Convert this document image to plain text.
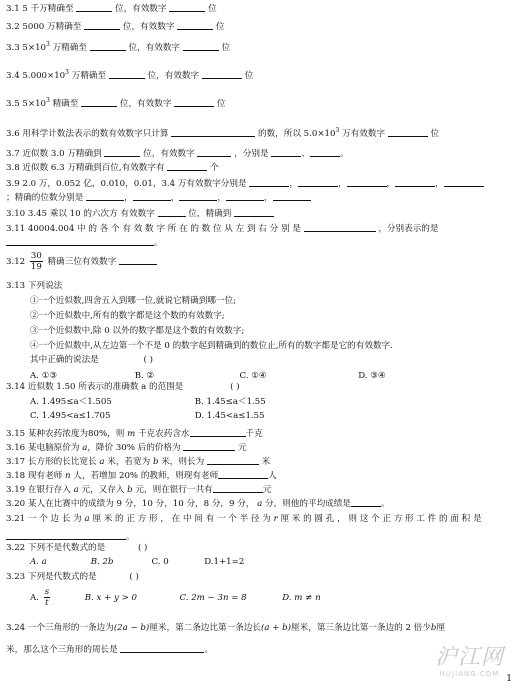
3.1 5 千万精确至	位，有效数字	位
3.2 5000 万精确至	位，有效数字	位
3.3 $5\times 10^3$ 万精确至	位，有效数字	位
3.4 $5.000\times 10^3$ 万精确至	位，有效数字	位
3.5 $5\times 10^3$ 精确至	位，有效数字	位
3.6 用科学计数法表示的数有效数字只计算	的数，所以 $5.0\times 10^3$ 万有效数字	位
3.7 近似数 3.0 万精确到	位，有效数字	，分别是	、	。
3.8 近似数 6.3 万精确到百位,有效数字有	个
3.9 2.0 万，0.052 亿，0.010，0.01，3.4 万有效数字分别是	，	，	，	，
；精确的位数分别是	，	，	，	，
3.10 3.45 乘以 10 的六次方 有效数字	位，精确到
3.11 40004.004 中 的 各 个 有 效 数 字 所 在 的 数 位 从 左 到 右 分 别 是	，分别表示的是
。
$3.12 \frac{30}{19}$ 精确三位有效数字
3.13 下列说法
①一个近似数,四舍五入到哪一位,就说它精确到哪一位;
②一个近似数中,所有的数字都是这个数的有效数字;
③一个近似数中,除 0 以外的数字都是这个数的有效数字;
④一个近似数中,从左边第一个不是 0 的数字起到精确到的数位止,所有的数字都是它的有效数字.
其中正确的说法是	( )
A. ①③	B. ②	C. ①④	D. ③④
3.14 近似数 1.50 所表示的准确数 a 的范围是	( )
A. 1.495≤a＜1.505	B. 1.45≤a＜1.55
C. 1.495<a≤1.705	D. 1.45<a≤1.55
3.15 某种农药浓度为80%，则 m 千克农药含水	千克
3.16 某电脑原价为 a，降价 30% 后的价格为	元
3.17 长方形的长比宽长 a 米，若宽为 b 米，则长为	米
3.18 现有老师 n 人，若增加 20% 的教师，则现有老师	人
3.19 在银行存入 a 元，又存入 b 元，则在银行一共有	元
3.20 某人在比赛中的成绩为 9 分，10 分，10 分，8 分，9 分， a 分，则他的平均成绩是	。
3.21 一 个 边 长 为 a 厘 米 的 正 方 形 ， 在 中 间 有 一 个 半 径 为 r 厘 米 的 圆 孔 ， 则 这 个 正 方 形 工 件 的 面 积 是
。
3.22 下列不是代数式的是	( )
A. a	B. 2b	C. 0	D.1+1=2
3.23 下列是代数式的是	( )
A. $\frac{s}{t}$	B. x + y > 0	C. 2m − 3n = 8	D. m ≠ n
3.24 一个三角形的一条边为(2a − b)厘米，第二条边比第一条边长(a + b)厘米，第三条边比第一条边的 2 倍少b厘
米，那么这个三角形的周长是	。	沪江网
HUJIANG.COM 1
